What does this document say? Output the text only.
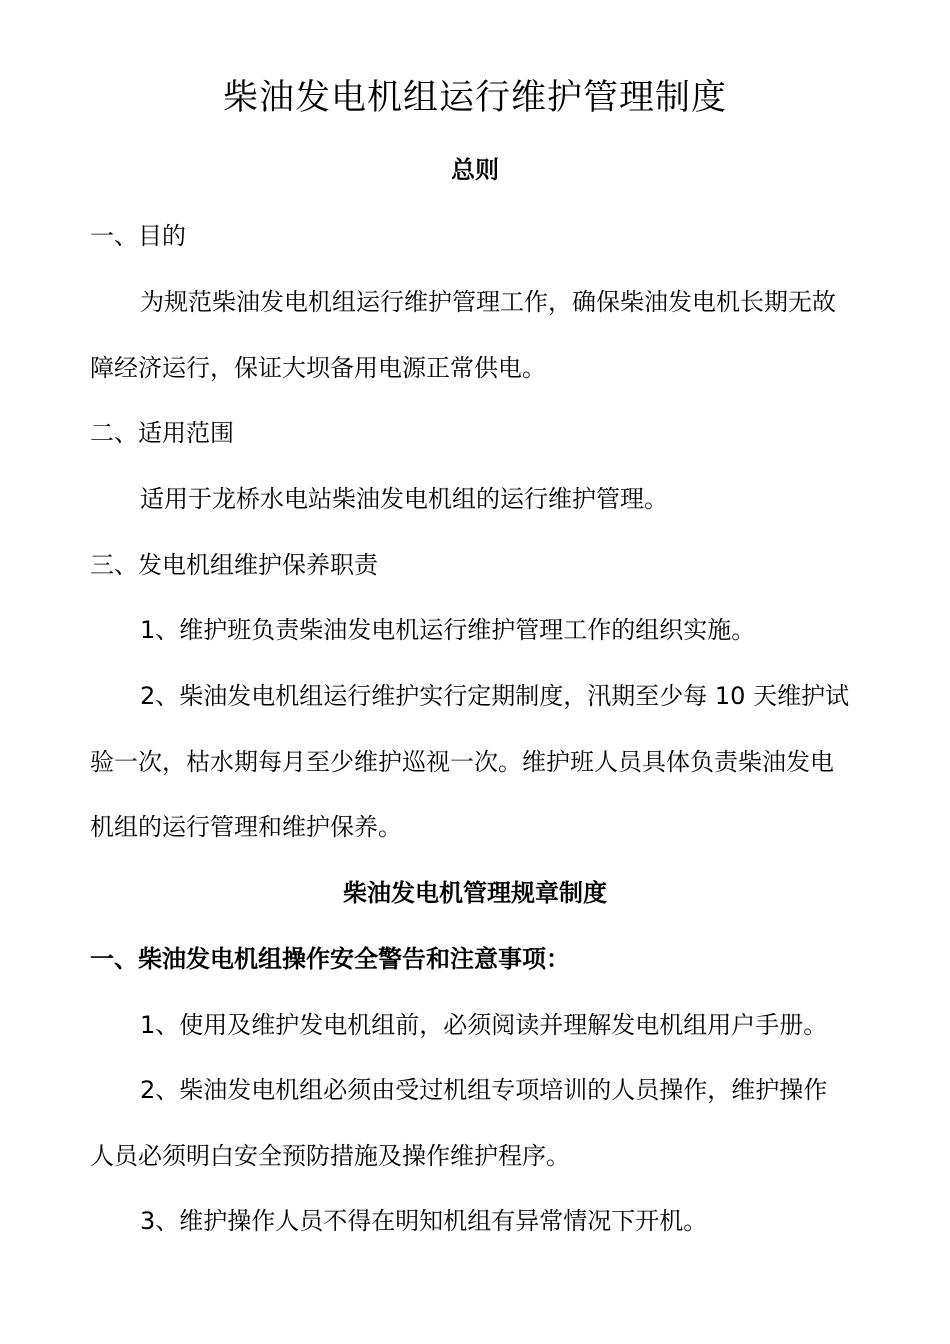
柴油发电机组运行维护管理制度
总则
一、目的
为规范柴油发电机组运行维护管理工作，确保柴油发电机长期无故
障经济运行，保证大坝备用电源正常供电。
二、适用范围
适用于龙桥水电站柴油发电机组的运行维护管理。
三、发电机组维护保养职责
1、维护班负责柴油发电机运行维护管理工作的组织实施。
2、柴油发电机组运行维护实行定期制度，汛期至少每 10 天维护试
验一次，枯水期每月至少维护巡视一次。维护班人员具体负责柴油发电
机组的运行管理和维护保养。
柴油发电机管理规章制度
一、柴油发电机组操作安全警告和注意事项：
1、使用及维护发电机组前，必须阅读并理解发电机组用户手册。
2、柴油发电机组必须由受过机组专项培训的人员操作，维护操作
人员必须明白安全预防措施及操作维护程序。
3、维护操作人员不得在明知机组有异常情况下开机。
